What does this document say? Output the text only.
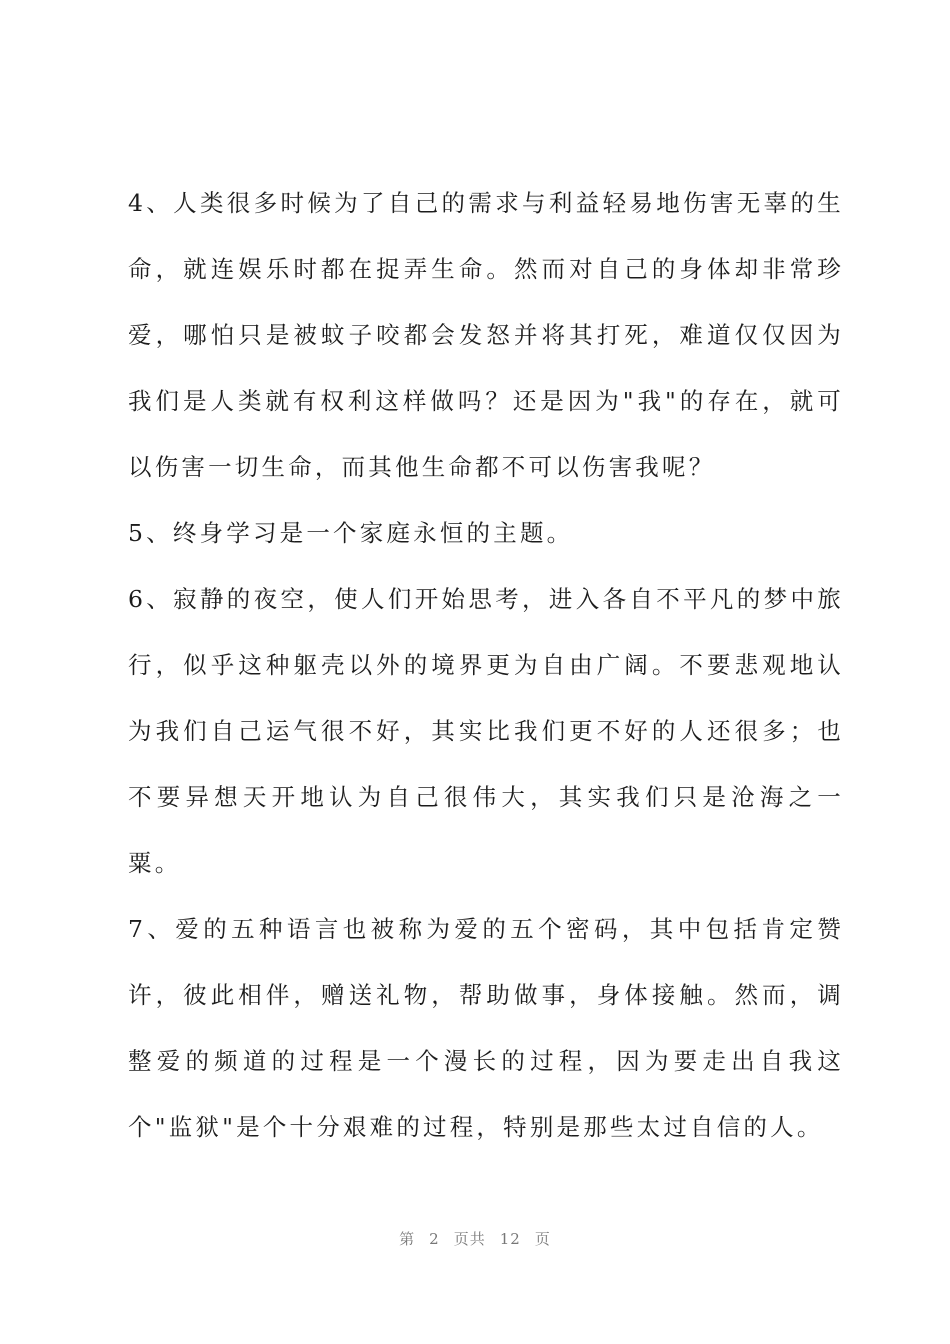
4、人类很多时候为了自己的需求与利益轻易地伤害无辜的生命，就连娱乐时都在捉弄生命。然而对自己的身体却非常珍爱，哪怕只是被蚊子咬都会发怒并将其打死，难道仅仅因为我们是人类就有权利这样做吗？还是因为"我"的存在，就可以伤害一切生命，而其他生命都不可以伤害我呢？

5、终身学习是一个家庭永恒的主题。

6、寂静的夜空，使人们开始思考，进入各自不平凡的梦中旅行，似乎这种躯壳以外的境界更为自由广阔。不要悲观地认为我们自己运气很不好，其实比我们更不好的人还很多；也不要异想天开地认为自己很伟大，其实我们只是沧海之一粟。

7、爱的五种语言也被称为爱的五个密码，其中包括肯定赞许，彼此相伴，赠送礼物，帮助做事，身体接触。然而，调整爱的频道的过程是一个漫长的过程，因为要走出自我这个"监狱"是个十分艰难的过程，特别是那些太过自信的人。

第 2 页共 12 页
